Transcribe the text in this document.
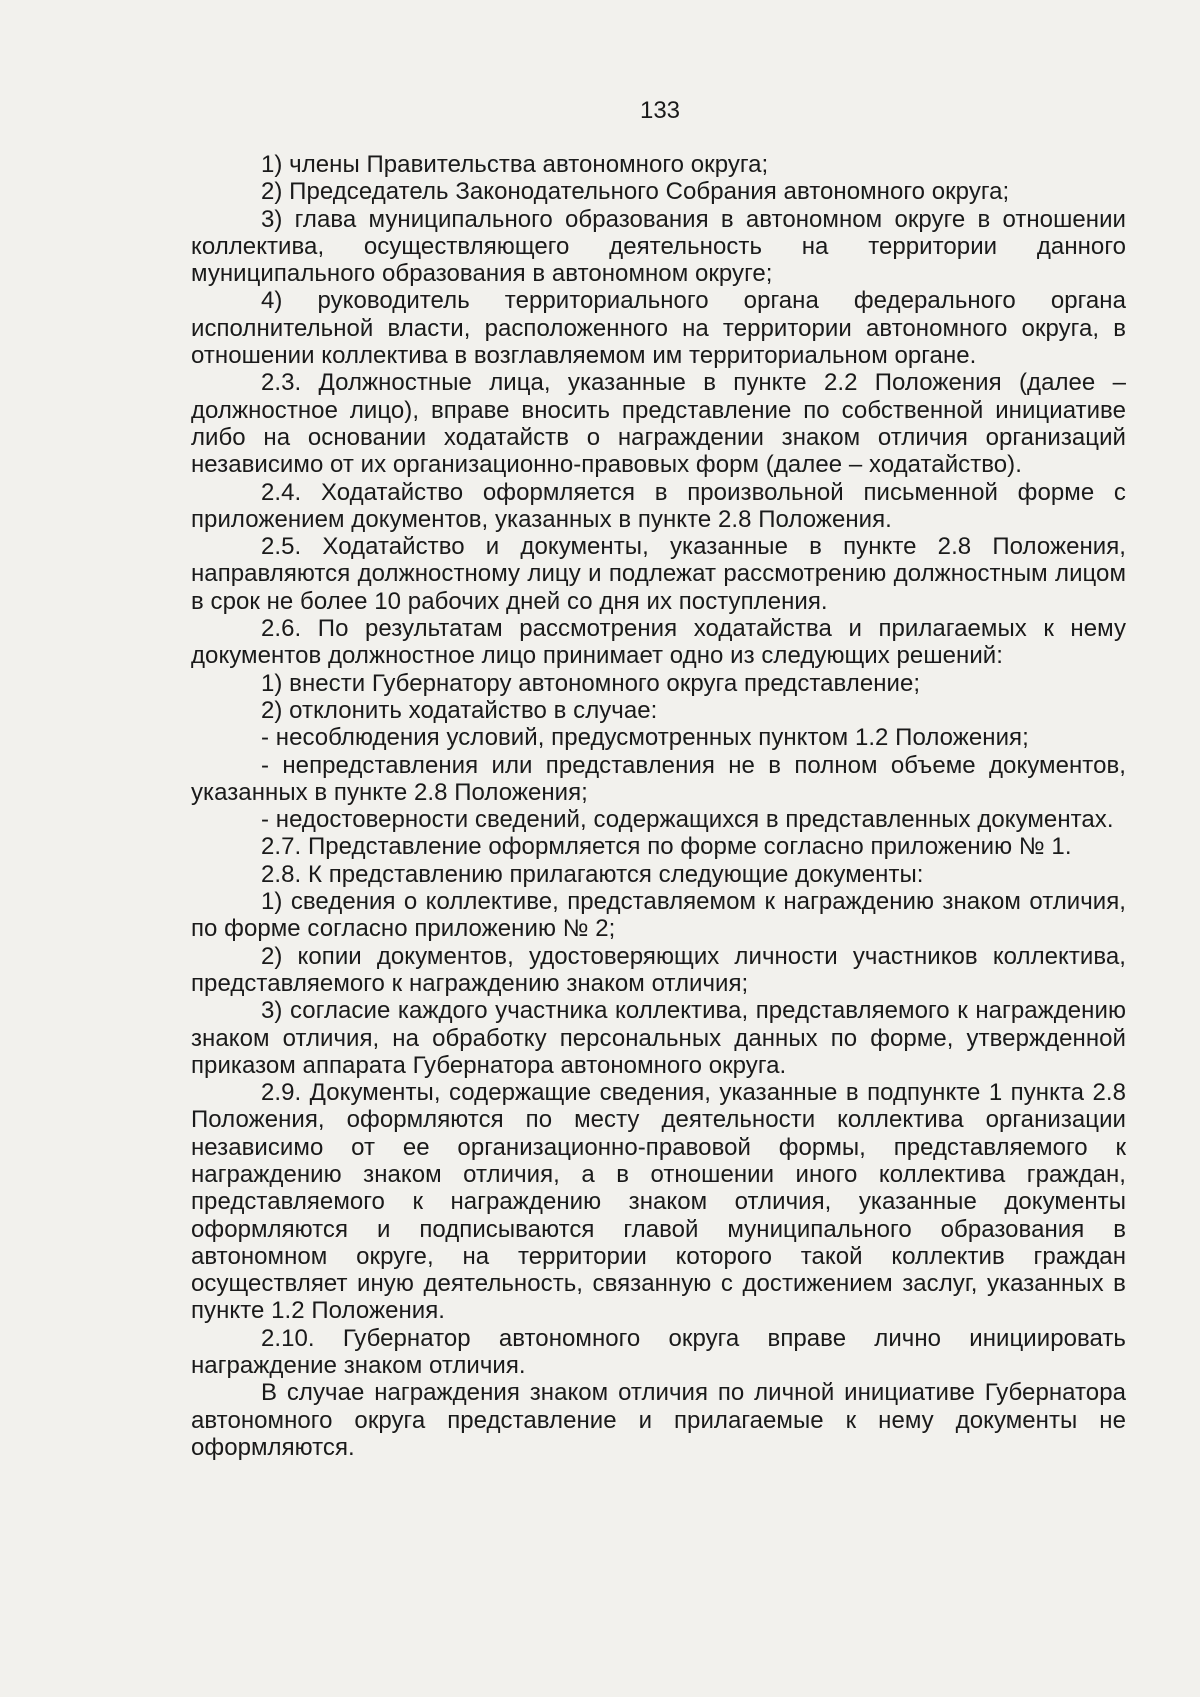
133

1) члены Правительства автономного округа;

2) Председатель Законодательного Собрания автономного округа;

3) глава муниципального образования в автономном округе в отношении коллектива, осуществляющего деятельность на территории данного муниципального образования в автономном округе;

4) руководитель территориального органа федерального органа исполнительной власти, расположенного на территории автономного округа, в отношении коллектива в возглавляемом им территориальном органе.

2.3. Должностные лица, указанные в пункте 2.2 Положения (далее – должностное лицо), вправе вносить представление по собственной инициативе либо на основании ходатайств о награждении знаком отличия организаций независимо от их организационно-правовых форм (далее – ходатайство).

2.4. Ходатайство оформляется в произвольной письменной форме с приложением документов, указанных в пункте 2.8 Положения.

2.5. Ходатайство и документы, указанные в пункте 2.8 Положения, направляются должностному лицу и подлежат рассмотрению должностным лицом в срок не более 10 рабочих дней со дня их поступления.

2.6. По результатам рассмотрения ходатайства и прилагаемых к нему документов должностное лицо принимает одно из следующих решений:

1) внести Губернатору автономного округа представление;

2) отклонить ходатайство в случае:

- несоблюдения условий, предусмотренных пунктом 1.2 Положения;

- непредставления или представления не в полном объеме документов, указанных в пункте 2.8 Положения;

- недостоверности сведений, содержащихся в представленных документах.

2.7. Представление оформляется по форме согласно приложению № 1.

2.8. К представлению прилагаются следующие документы:

1) сведения о коллективе, представляемом к награждению знаком отличия, по форме согласно приложению № 2;

2) копии документов, удостоверяющих личности участников коллектива, представляемого к награждению знаком отличия;

3) согласие каждого участника коллектива, представляемого к награждению знаком отличия, на обработку персональных данных по форме, утвержденной приказом аппарата Губернатора автономного округа.

2.9. Документы, содержащие сведения, указанные в подпункте 1 пункта 2.8 Положения, оформляются по месту деятельности коллектива организации независимо от ее организационно-правовой формы, представляемого к награждению знаком отличия, а в отношении иного коллектива граждан, представляемого к награждению знаком отличия, указанные документы оформляются и подписываются главой муниципального образования в автономном округе, на территории которого такой коллектив граждан осуществляет иную деятельность, связанную с достижением заслуг, указанных в пункте 1.2 Положения.

2.10. Губернатор автономного округа вправе лично инициировать награждение знаком отличия.

В случае награждения знаком отличия по личной инициативе Губернатора автономного округа представление и прилагаемые к нему документы не оформляются.
